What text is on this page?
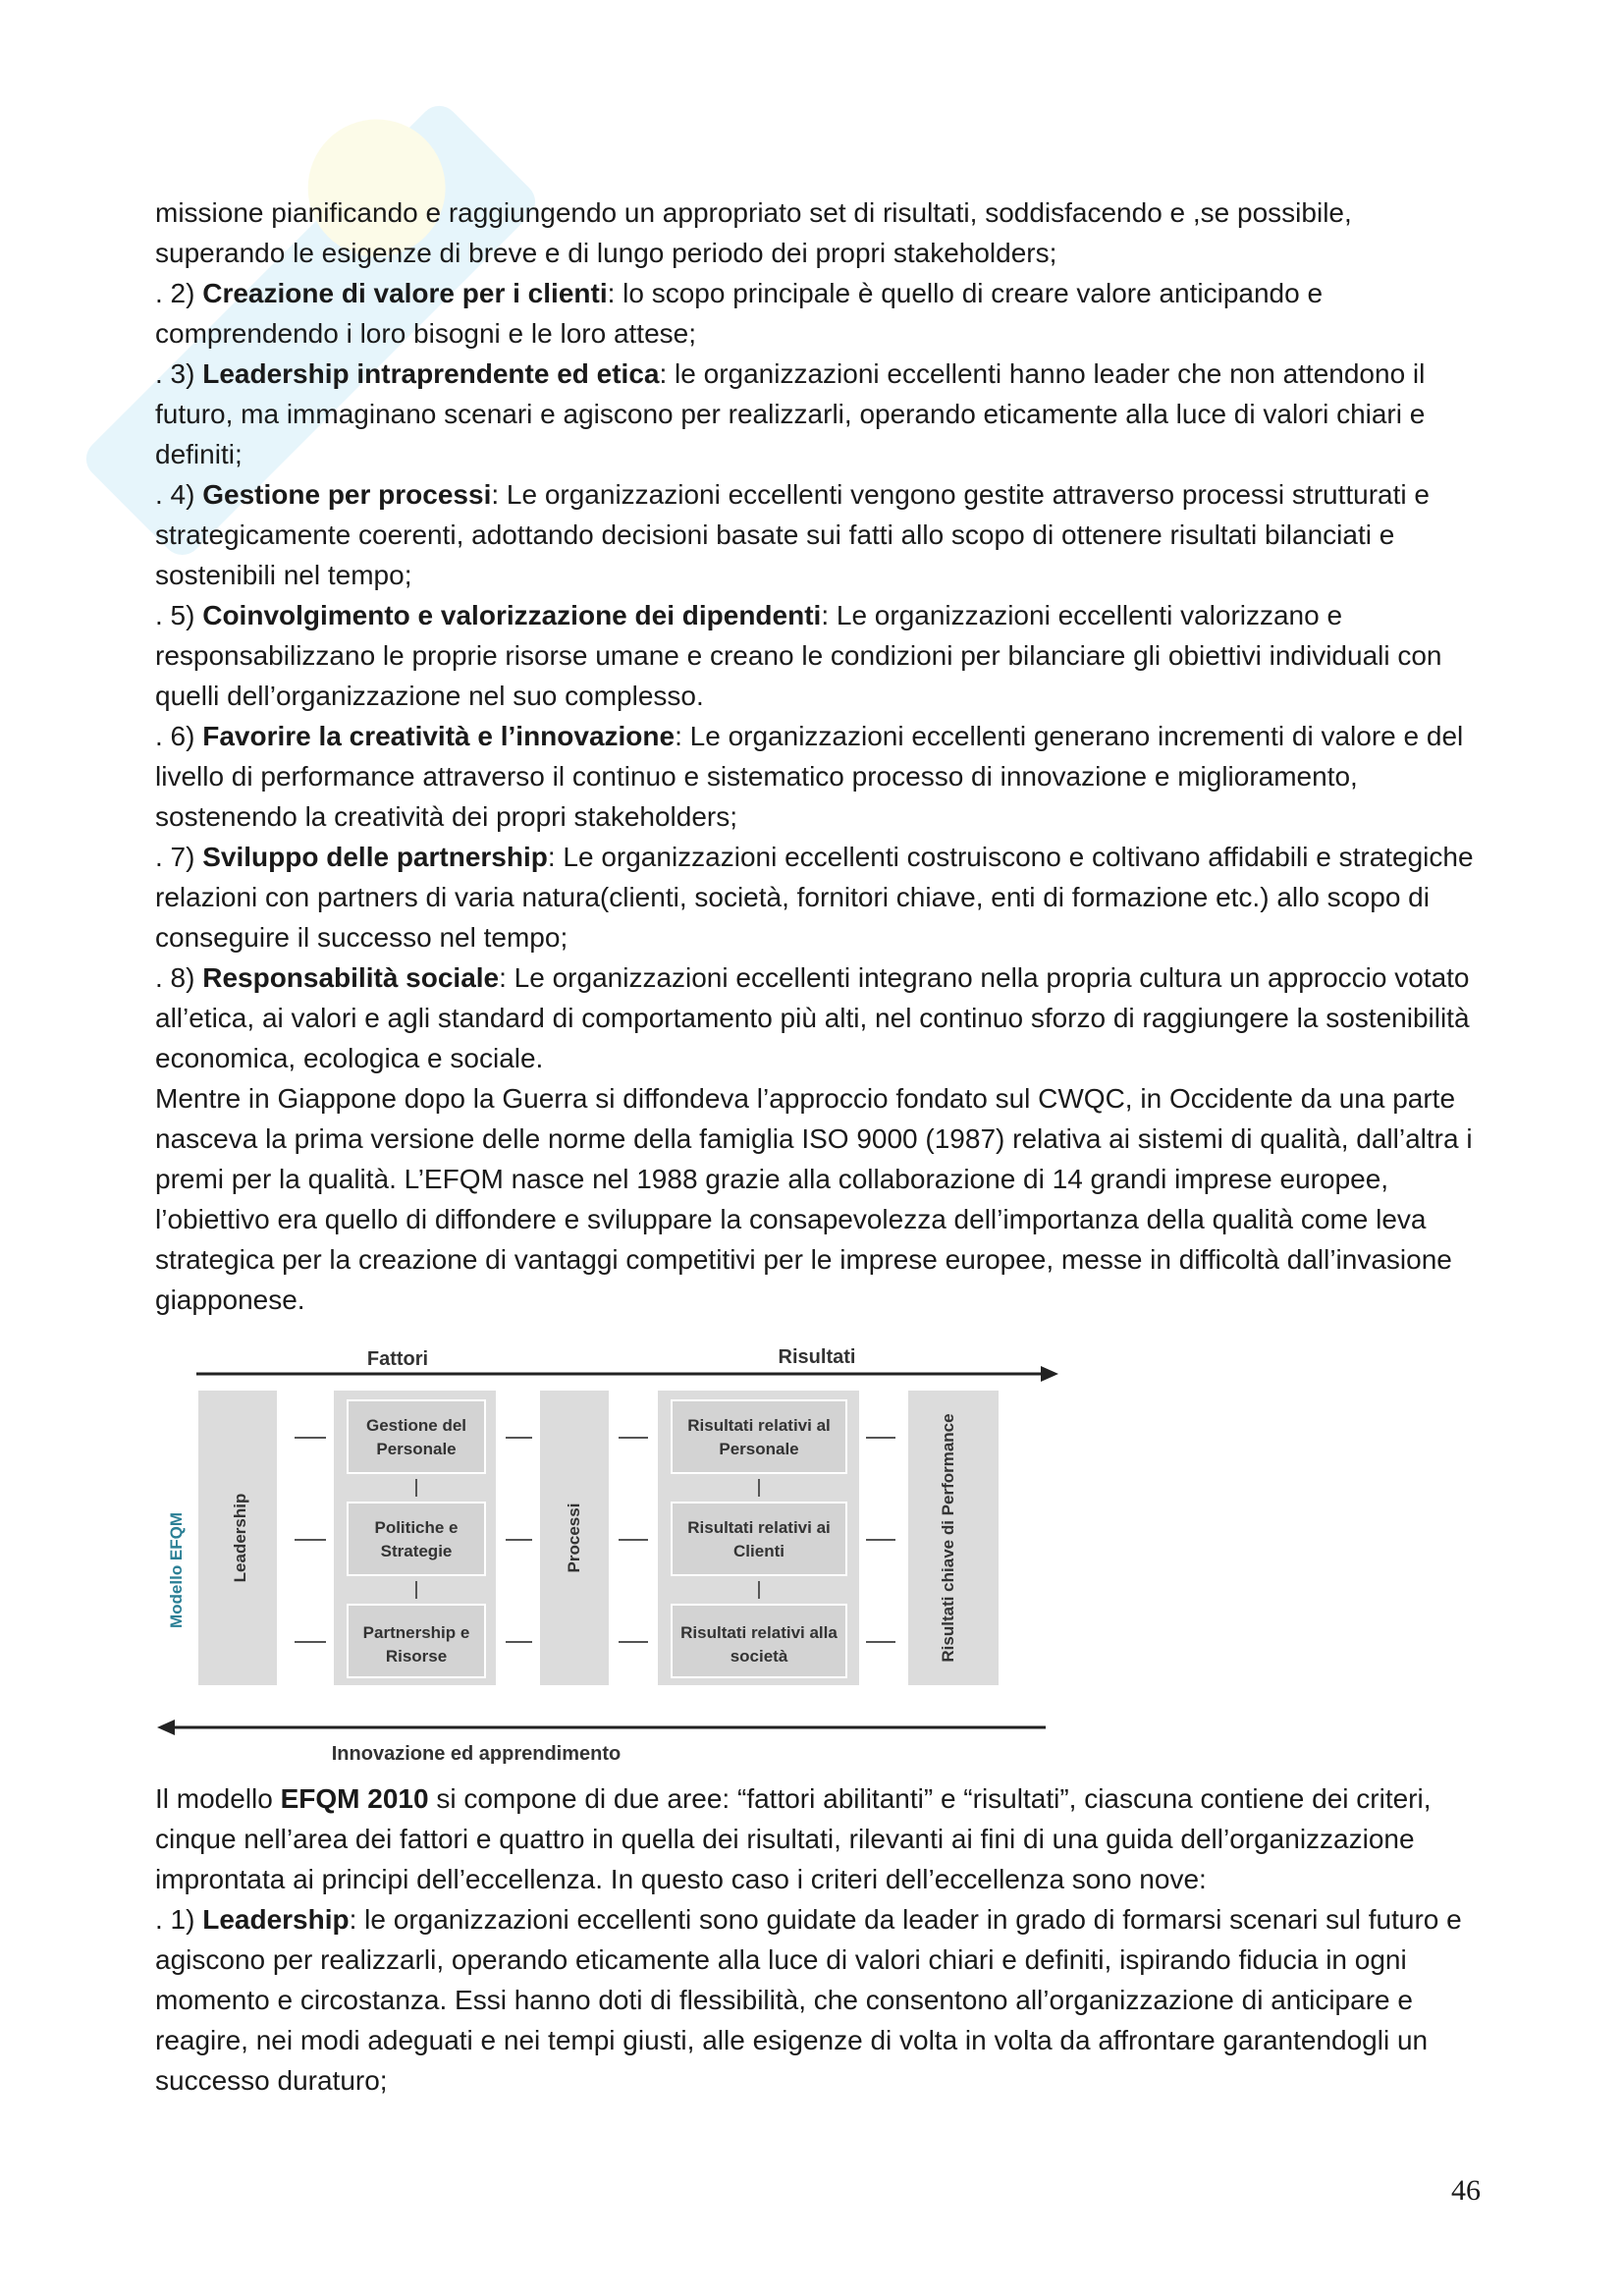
missione pianificando e raggiungendo un appropriato set di risultati, soddisfacendo e ,se possibile, superando le esigenze di breve e di lungo periodo dei propri stakeholders;

. 2) Creazione di valore per i clienti: lo scopo principale è quello di creare valore anticipando e comprendendo i loro bisogni e le loro attese;

. 3) Leadership intraprendente ed etica: le organizzazioni eccellenti hanno leader che non attendono il futuro, ma immaginano scenari e agiscono per realizzarli, operando eticamente alla luce di valori chiari e definiti;

. 4) Gestione per processi: Le organizzazioni eccellenti vengono gestite attraverso processi strutturati e strategicamente coerenti, adottando decisioni basate sui fatti allo scopo di ottenere risultati bilanciati e sostenibili nel tempo;

. 5) Coinvolgimento e valorizzazione dei dipendenti: Le organizzazioni eccellenti valorizzano e responsabilizzano le proprie risorse umane e creano le condizioni per bilanciare gli obiettivi individuali con quelli dell’organizzazione nel suo complesso.

. 6) Favorire la creatività e l’innovazione: Le organizzazioni eccellenti generano incrementi di valore e del livello di performance attraverso il continuo e sistematico processo di innovazione e miglioramento, sostenendo la creatività dei propri stakeholders;

. 7) Sviluppo delle partnership: Le organizzazioni eccellenti costruiscono e coltivano affidabili e strategiche relazioni con partners di varia natura(clienti, società, fornitori chiave, enti di formazione etc.) allo scopo di conseguire il successo nel tempo;

. 8) Responsabilità sociale: Le organizzazioni eccellenti integrano nella propria cultura un approccio votato all’etica, ai valori e agli standard di comportamento più alti, nel continuo sforzo di raggiungere la sostenibilità economica, ecologica e sociale.

Mentre in Giappone dopo la Guerra si diffondeva l’approccio fondato sul CWQC, in Occidente da una parte nasceva la prima versione delle norme della famiglia ISO 9000 (1987) relativa ai sistemi di qualità, dall’altra i premi per la qualità. L’EFQM nasce nel 1988 grazie alla collaborazione di 14 grandi imprese europee, l’obiettivo era quello di diffondere e sviluppare la consapevolezza dell’importanza della qualità come leva strategica per la creazione di vantaggi competitivi per le imprese europee, messe in difficoltà dall’invasione giapponese.

Fattori	Risultati
Modello EFQM	Leadership
Gestione del
Personale
Politiche e
Strategie
Partnership e
Risorse
Processi
Risultati relativi al
Personale
Risultati relativi ai
Clienti
Risultati relativi alla
società	Risultati chiave di Performance
Innovazione ed apprendimento

Il modello EFQM 2010 si compone di due aree: “fattori abilitanti” e “risultati”, ciascuna contiene dei criteri, cinque nell’area dei fattori e quattro in quella dei risultati, rilevanti ai fini di una guida dell’organizzazione improntata ai principi dell’eccellenza. In questo caso i criteri dell’eccellenza sono nove:

. 1) Leadership: le organizzazioni eccellenti sono guidate da leader in grado di formarsi scenari sul futuro e agiscono per realizzarli, operando eticamente alla luce di valori chiari e definiti, ispirando fiducia in ogni momento e circostanza. Essi hanno doti di flessibilità, che consentono all’organizzazione di anticipare e reagire, nei modi adeguati e nei tempi giusti, alle esigenze di volta in volta da affrontare garantendogli un successo duraturo;

46
